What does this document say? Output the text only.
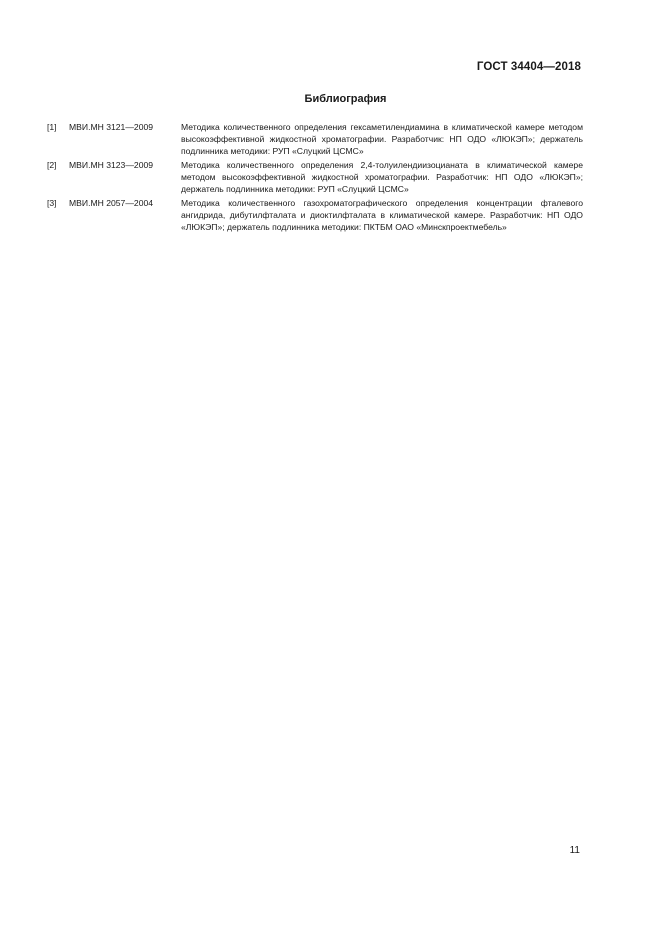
ГОСТ 34404—2018
Библиография
[1]	МВИ.МН 3121—2009	Методика количественного определения гексаметилендиамина в климатической камере методом высокоэффективной жидкостной хроматографии. Разработчик: НП ОДО «ЛЮКЭП»; держатель подлинника методики: РУП «Слуцкий ЦСМС»
[2]	МВИ.МН 3123—2009	Методика количественного определения 2,4-толуилендиизоцианата в климатической камере методом высокоэффективной жидкостной хроматографии. Разработчик: НП ОДО «ЛЮКЭП»; держатель подлинника методики: РУП «Слуцкий ЦСМС»
[3]	МВИ.МН 2057—2004	Методика количественного газохроматографического определения концентрации фталевого ангидрида, дибутилфталата и диоктилфталата в климатической камере. Разработчик: НП ОДО «ЛЮКЭП»; держатель подлинника методики: ПКТБМ ОАО «Минскпроектмебель»
11
